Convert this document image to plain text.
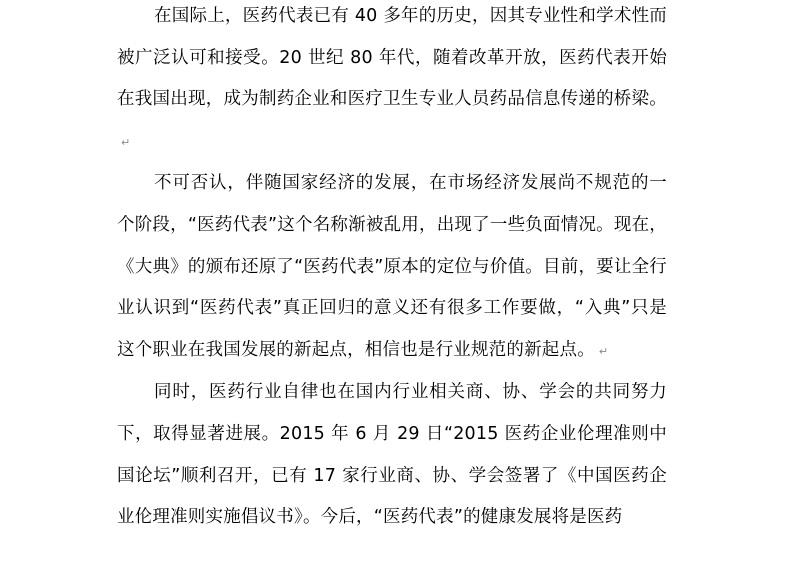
在国际上，医药代表已有 40 多年的历史，因其专业性和学术性而被广泛认可和接受。20 世纪 80 年代，随着改革开放，医药代表开始在我国出现，成为制药企业和医疗卫生专业人员药品信息传递的桥梁。↵

不可否认，伴随国家经济的发展，在市场经济发展尚不规范的一个阶段，“医药代表”这个名称渐被乱用，出现了一些负面情况。现在，《大典》的颁布还原了“医药代表”原本的定位与价值。目前，要让全行业认识到“医药代表”真正回归的意义还有很多工作要做，“入典”只是这个职业在我国发展的新起点，相信也是行业规范的新起点。 ↵

同时，医药行业自律也在国内行业相关商、协、学会的共同努力下，取得显著进展。2015 年 6 月 29 日“2015 医药企业伦理准则中国论坛”顺利召开，已有 17 家行业商、协、学会签署了《中国医药企业伦理准则实施倡议书》。今后，“医药代表”的健康发展将是医药
